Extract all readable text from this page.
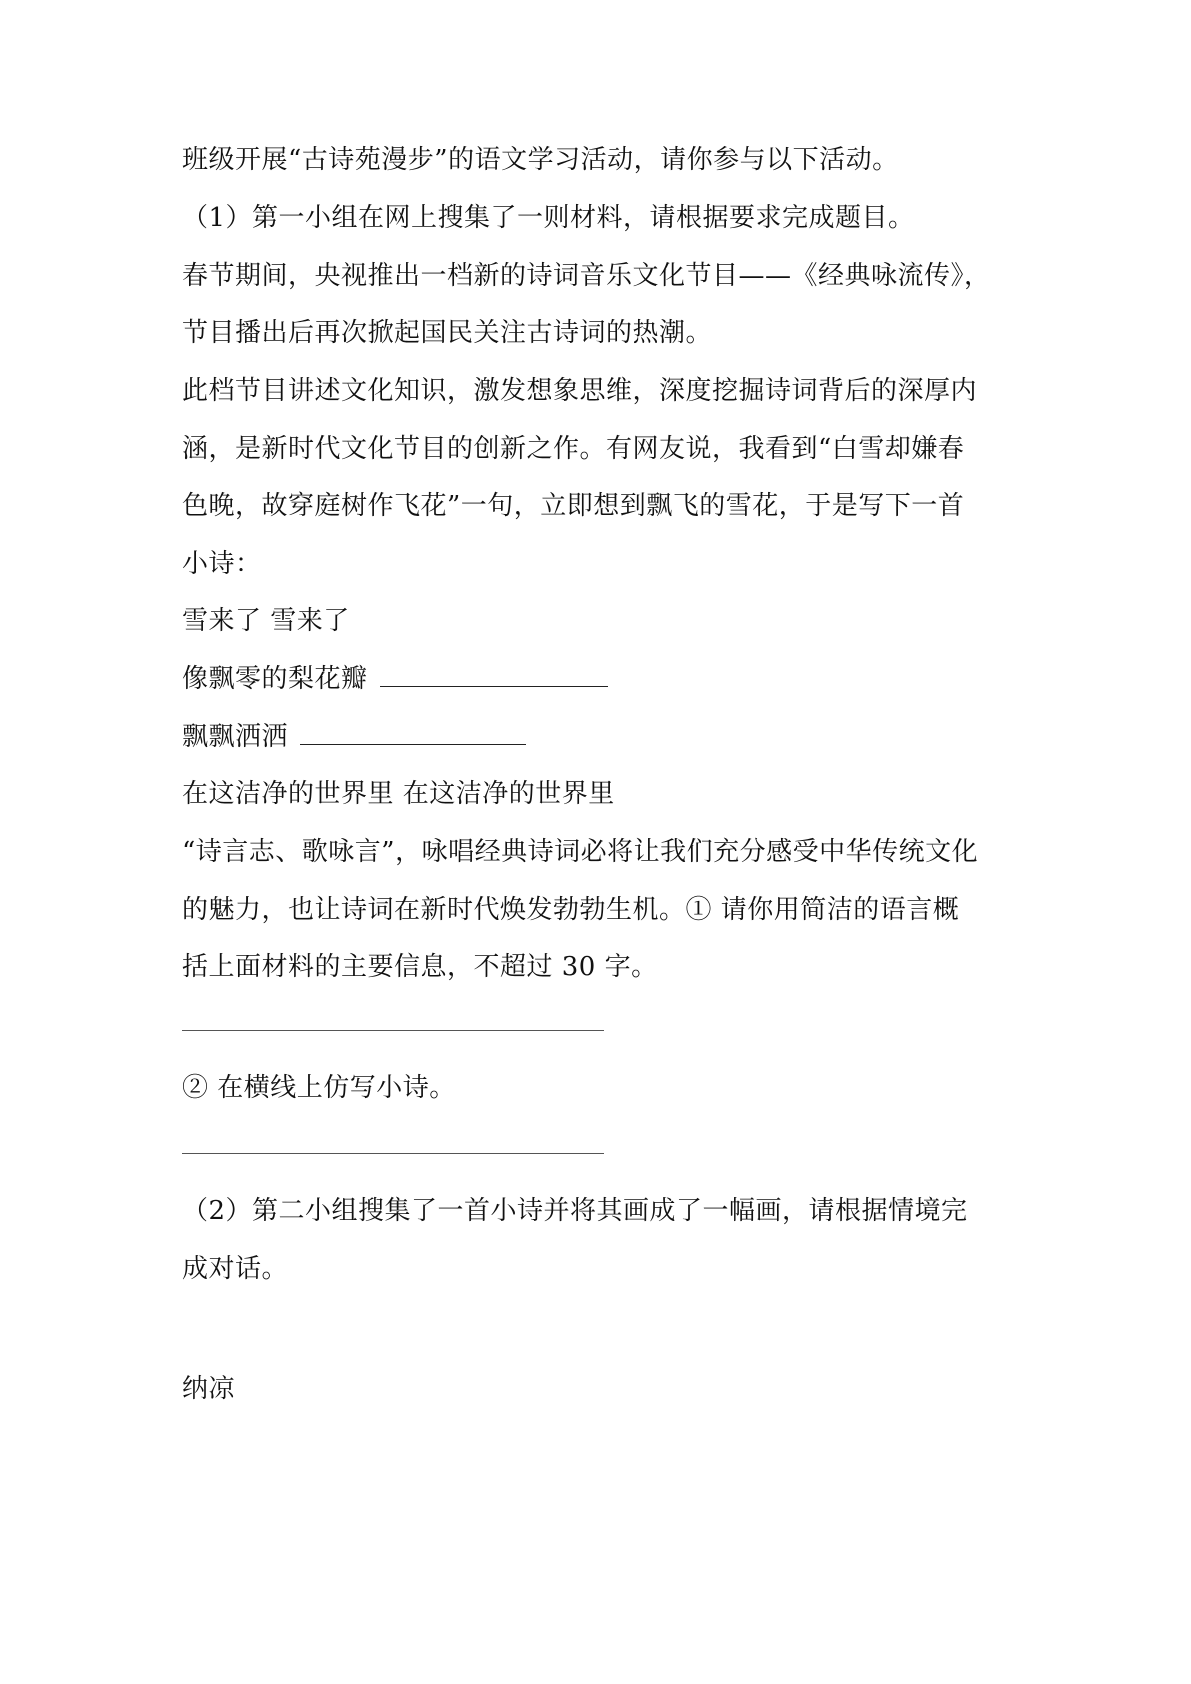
班级开展“古诗苑漫步”的语文学习活动，请你参与以下活动。
（1）第一小组在网上搜集了一则材料，请根据要求完成题目。
春节期间，央视推出一档新的诗词音乐文化节目——《经典咏流传》，
节目播出后再次掀起国民关注古诗词的热潮。
此档节目讲述文化知识，激发想象思维，深度挖掘诗词背后的深厚内
涵，是新时代文化节目的创新之作。有网友说，我看到“白雪却嫌春
色晚，故穿庭树作飞花”一句，立即想到飘飞的雪花，于是写下一首
小诗：
雪来了 雪来了
像飘零的梨花瓣
飘飘洒洒
在这洁净的世界里 在这洁净的世界里
“诗言志、歌咏言”，咏唱经典诗词必将让我们充分感受中华传统文化
的魅力，也让诗词在新时代焕发勃勃生机。① 请你用简洁的语言概
括上面材料的主要信息，不超过 30 字。
② 在横线上仿写小诗。
（2）第二小组搜集了一首小诗并将其画成了一幅画，请根据情境完
成对话。
纳凉
